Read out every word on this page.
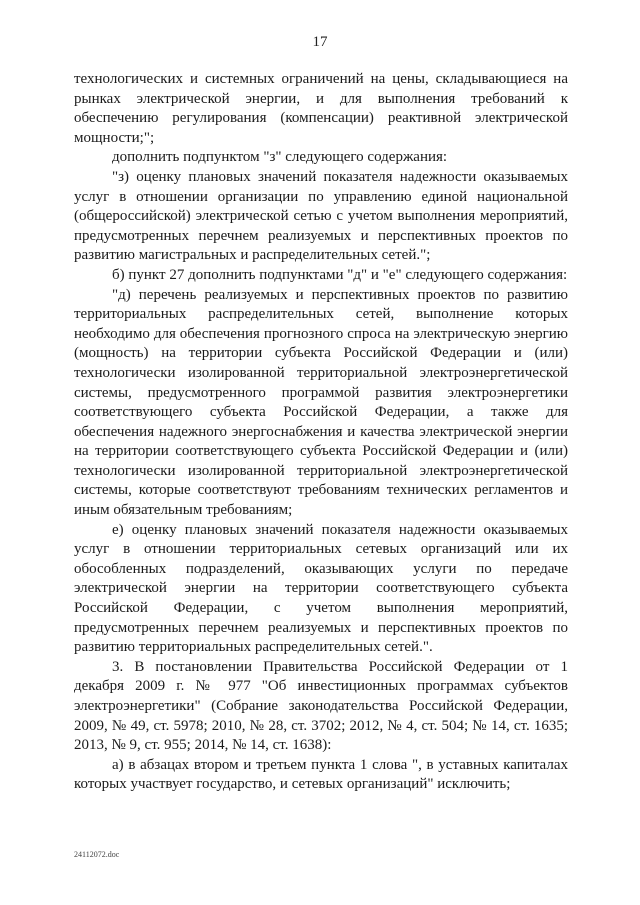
17

технологических и системных ограничений на цены, складывающиеся на рынках электрической энергии, и для выполнения требований к обеспечению регулирования (компенсации) реактивной электрической мощности;";

дополнить подпунктом "з" следующего содержания:

"з) оценку плановых значений показателя надежности оказываемых услуг в отношении организации по управлению единой национальной (общероссийской) электрической сетью с учетом выполнения мероприятий, предусмотренных перечнем реализуемых и перспективных проектов по развитию магистральных и распределительных сетей.";

б) пункт 27 дополнить подпунктами "д" и "е" следующего содержания:

"д) перечень реализуемых и перспективных проектов по развитию территориальных распределительных сетей, выполнение которых необходимо для обеспечения прогнозного спроса на электрическую энергию (мощность) на территории субъекта Российской Федерации и (или) технологически изолированной территориальной электроэнергетической системы, предусмотренного программой развития электроэнергетики соответствующего субъекта Российской Федерации, а также для обеспечения надежного энергоснабжения и качества электрической энергии на территории соответствующего субъекта Российской Федерации и (или) технологически изолированной территориальной электроэнергетической системы, которые соответствуют требованиям технических регламентов и иным обязательным требованиям;

е) оценку плановых значений показателя надежности оказываемых услуг в отношении территориальных сетевых организаций или их обособленных подразделений, оказывающих услуги по передаче электрической энергии на территории соответствующего субъекта Российской Федерации, с учетом выполнения мероприятий, предусмотренных перечнем реализуемых и перспективных проектов по развитию территориальных распределительных сетей.".

3. В постановлении Правительства Российской Федерации от 1 декабря 2009 г. № 977 "Об инвестиционных программах субъектов электроэнергетики" (Собрание законодательства Российской Федерации, 2009, № 49, ст. 5978; 2010, № 28, ст. 3702; 2012, № 4, ст. 504; № 14, ст. 1635; 2013, № 9, ст. 955; 2014, № 14, ст. 1638):

а) в абзацах втором и третьем пункта 1 слова ", в уставных капиталах которых участвует государство, и сетевых организаций" исключить;

24112072.doc
